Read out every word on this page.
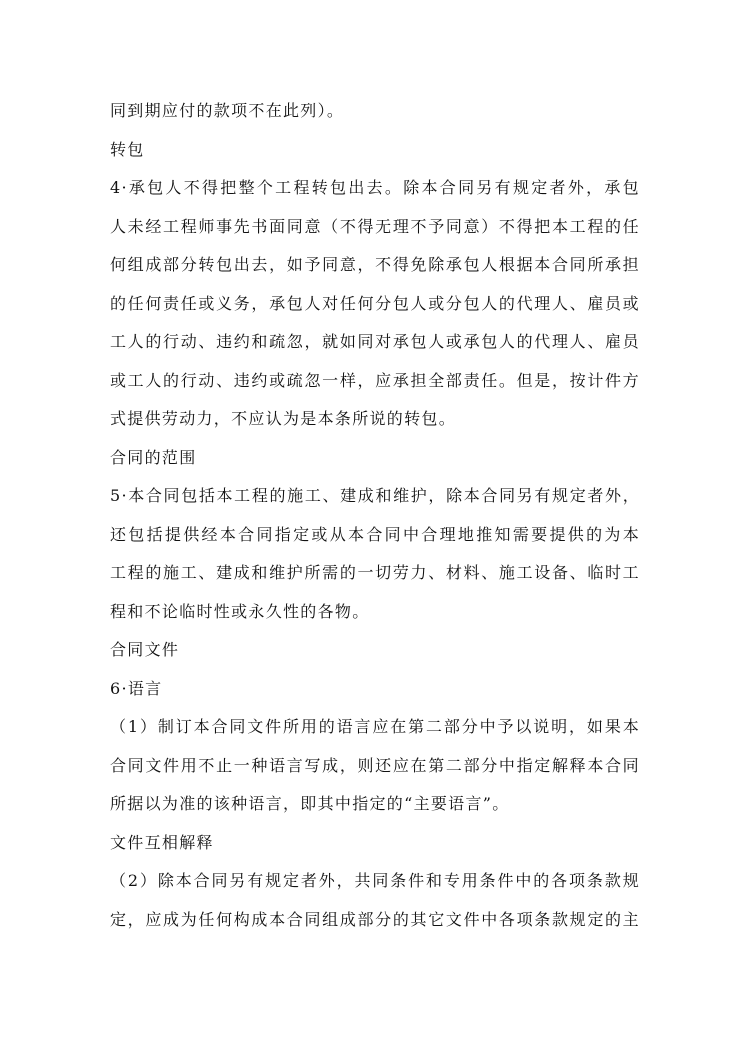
同到期应付的款项不在此列）。
转包
4·承包人不得把整个工程转包出去。除本合同另有规定者外，承包
人未经工程师事先书面同意（不得无理不予同意）不得把本工程的任
何组成部分转包出去，如予同意，不得免除承包人根据本合同所承担
的任何责任或义务，承包人对任何分包人或分包人的代理人、雇员或
工人的行动、违约和疏忽，就如同对承包人或承包人的代理人、雇员
或工人的行动、违约或疏忽一样，应承担全部责任。但是，按计件方
式提供劳动力，不应认为是本条所说的转包。
合同的范围
5·本合同包括本工程的施工、建成和维护，除本合同另有规定者外，
还包括提供经本合同指定或从本合同中合理地推知需要提供的为本
工程的施工、建成和维护所需的一切劳力、材料、施工设备、临时工
程和不论临时性或永久性的各物。
合同文件
6·语言
（1）制订本合同文件所用的语言应在第二部分中予以说明，如果本
合同文件用不止一种语言写成，则还应在第二部分中指定解释本合同
所据以为准的该种语言，即其中指定的“主要语言”。
文件互相解释
（2）除本合同另有规定者外，共同条件和专用条件中的各项条款规
定，应成为任何构成本合同组成部分的其它文件中各项条款规定的主
